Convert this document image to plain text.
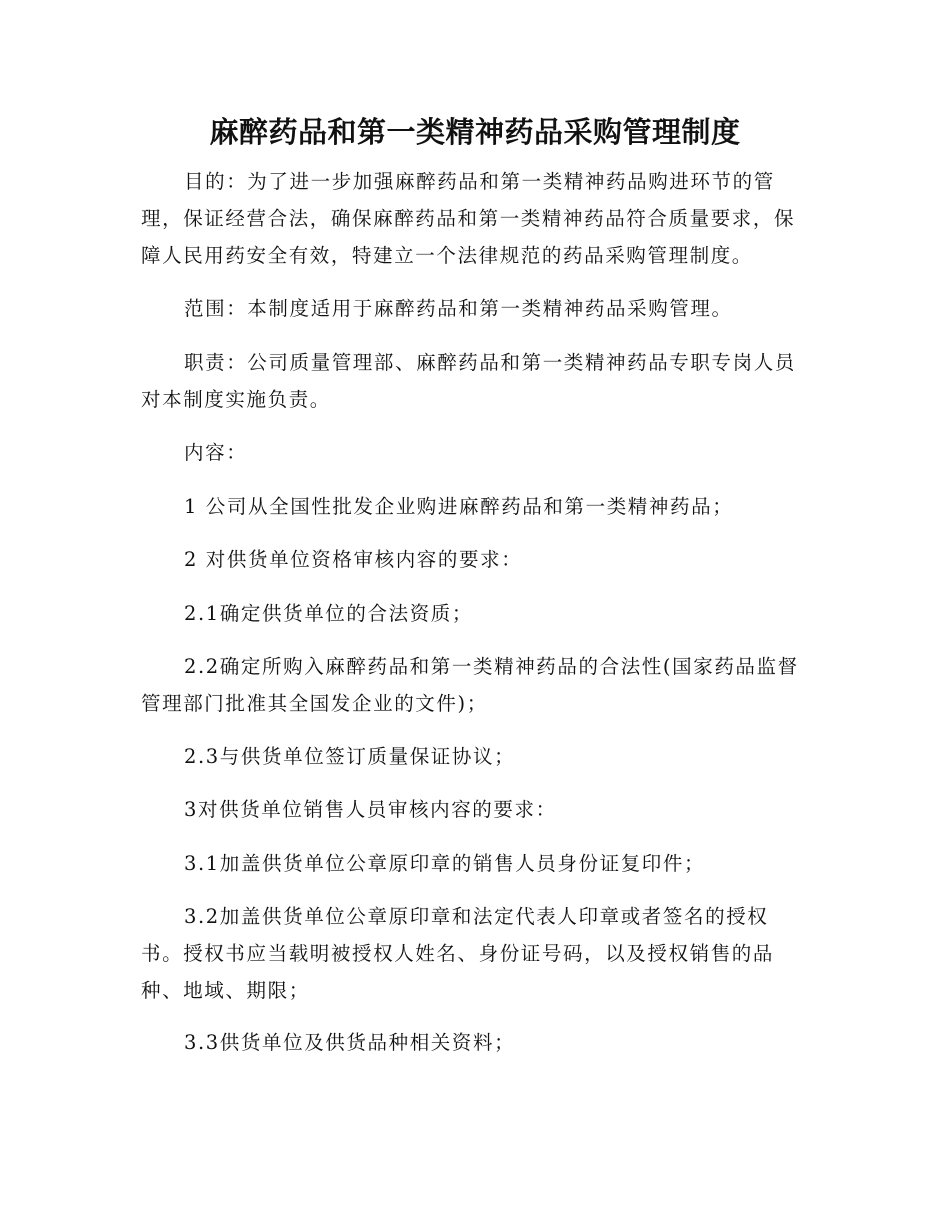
麻醉药品和第一类精神药品采购管理制度

目的：为了进一步加强麻醉药品和第一类精神药品购进环节的管理，保证经营合法，确保麻醉药品和第一类精神药品符合质量要求，保障人民用药安全有效，特建立一个法律规范的药品采购管理制度。

范围：本制度适用于麻醉药品和第一类精神药品采购管理。

职责：公司质量管理部、麻醉药品和第一类精神药品专职专岗人员对本制度实施负责。

内容：

1 公司从全国性批发企业购进麻醉药品和第一类精神药品；

2 对供货单位资格审核内容的要求：

2.1确定供货单位的合法资质；

2.2确定所购入麻醉药品和第一类精神药品的合法性(国家药品监督管理部门批准其全国发企业的文件)；

2.3与供货单位签订质量保证协议；

3对供货单位销售人员审核内容的要求：

3.1加盖供货单位公章原印章的销售人员身份证复印件；

3.2加盖供货单位公章原印章和法定代表人印章或者签名的授权书。授权书应当载明被授权人姓名、身份证号码，以及授权销售的品种、地域、期限；

3.3供货单位及供货品种相关资料；
